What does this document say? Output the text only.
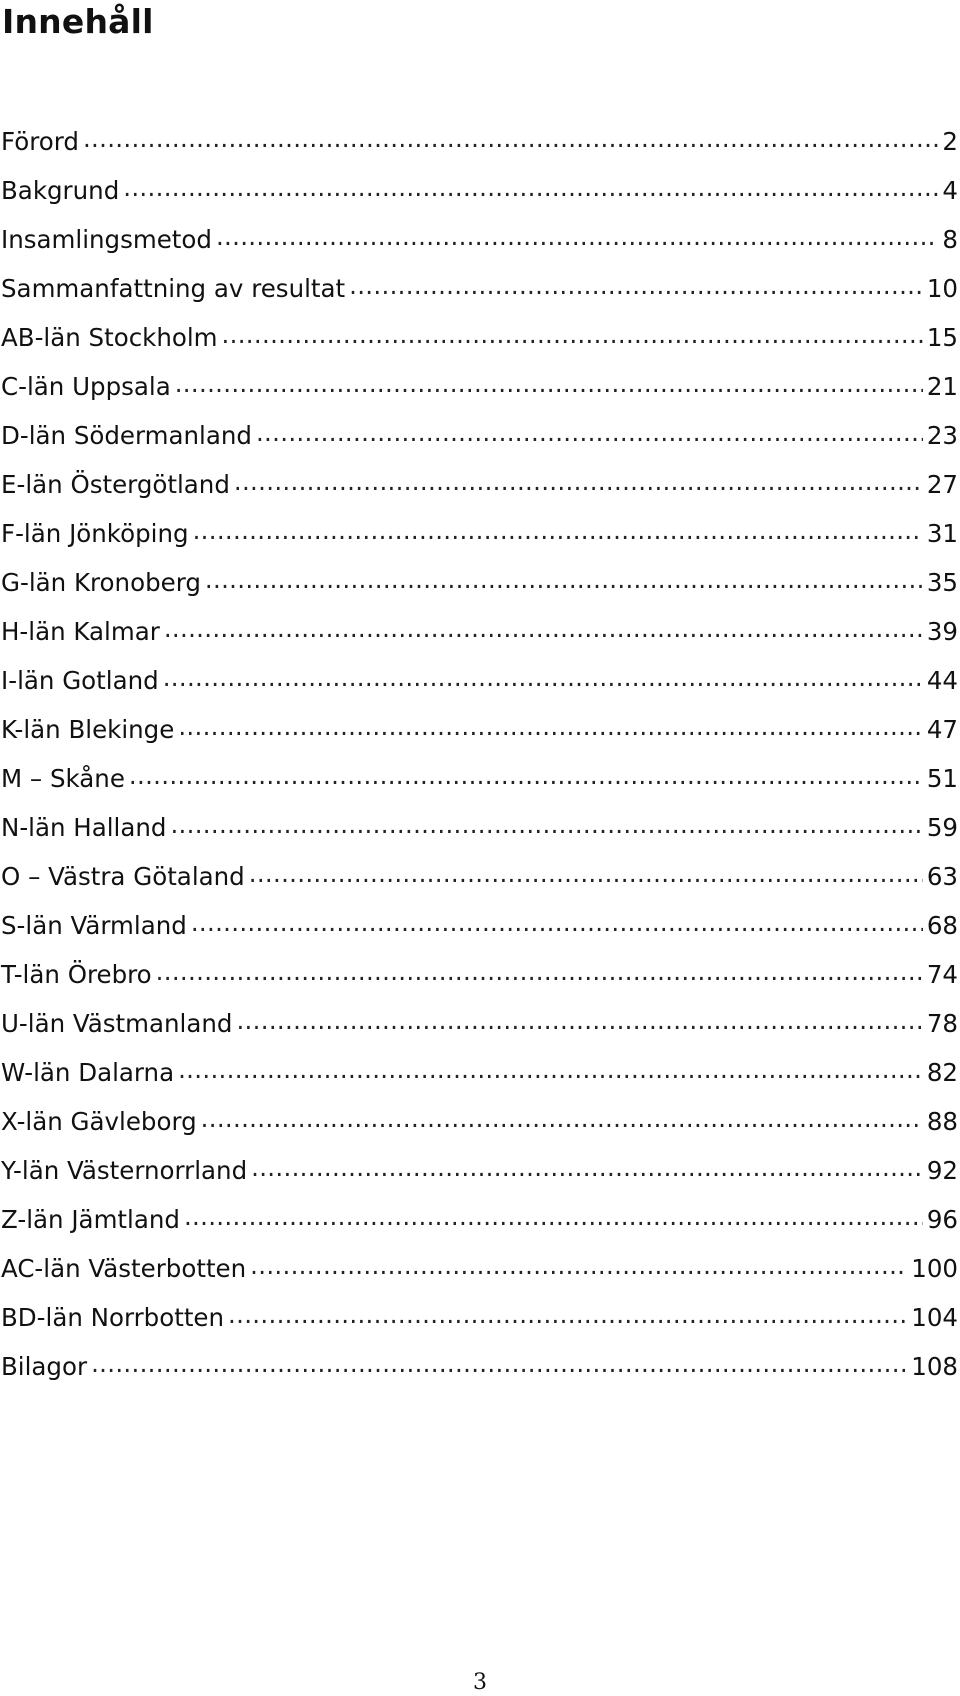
Innehåll
Förord .....	2
Bakgrund .....	4
Insamlingsmetod .....	8
Sammanfattning av resultat .....	10
AB-län Stockholm .....	15
C-län Uppsala .....	21
D-län Södermanland .....	23
E-län Östergötland .....	27
F-län Jönköping .....	31
G-län Kronoberg .....	35
H-län Kalmar .....	39
I-län Gotland .....	44
K-län Blekinge .....	47
M – Skåne .....	51
N-län Halland .....	59
O – Västra Götaland .....	63
S-län Värmland .....	68
T-län Örebro .....	74
U-län Västmanland .....	78
W-län Dalarna .....	82
X-län Gävleborg .....	88
Y-län Västernorrland .....	92
Z-län Jämtland .....	96
AC-län Västerbotten .....	100
BD-län Norrbotten .....	104
Bilagor .....	108
3
